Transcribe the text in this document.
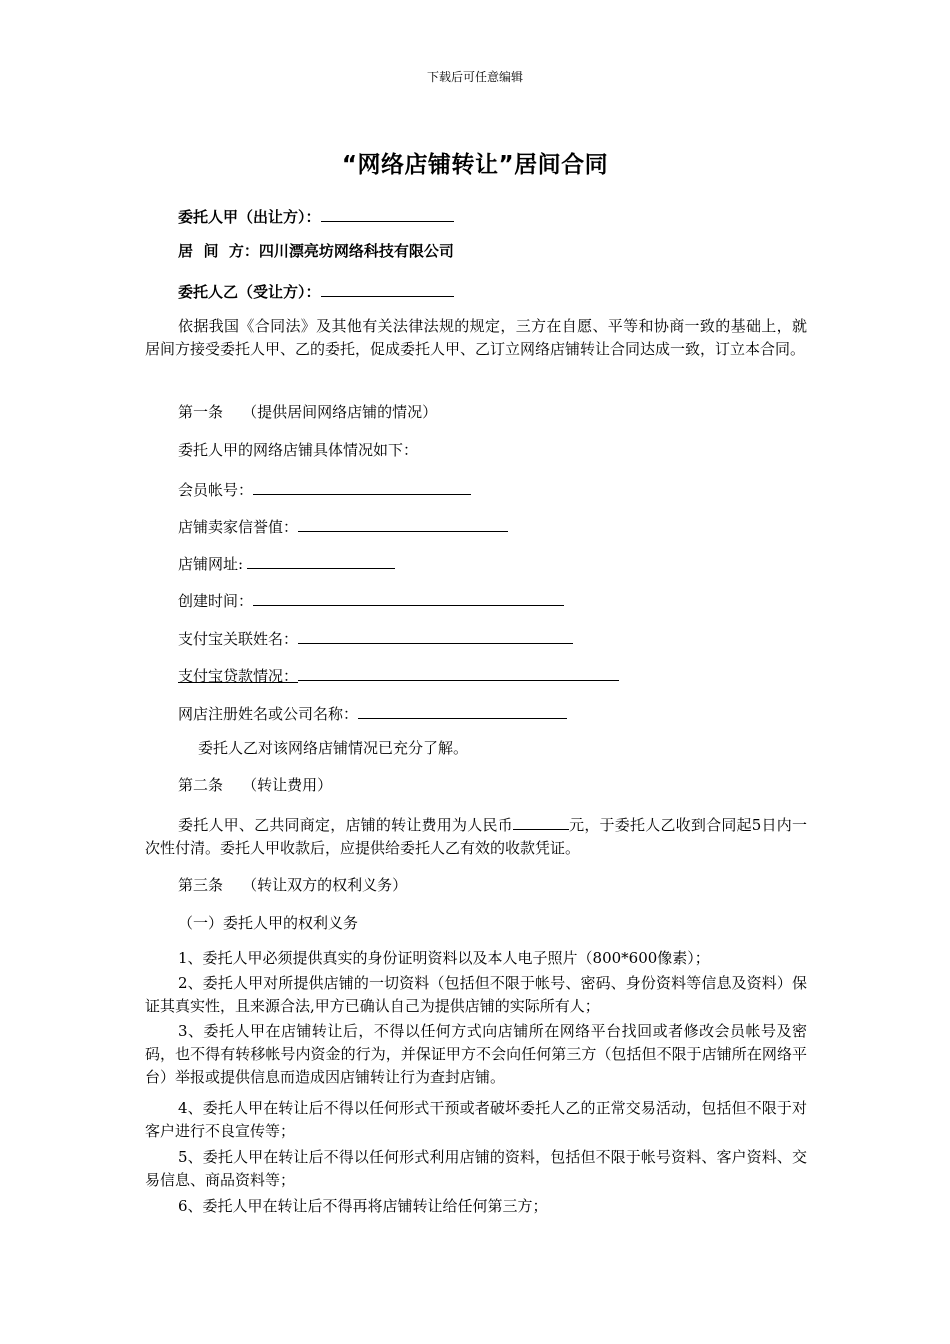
下载后可任意编辑
“网络店铺转让”居间合同
委托人甲（出让方）：
居  间  方：四川漂亮坊网络科技有限公司
委托人乙（受让方）：
依据我国《合同法》及其他有关法律法规的规定，三方在自愿、平等和协商一致的基础上，就居间方接受委托人甲、乙的委托，促成委托人甲、乙订立网络店铺转让合同达成一致，订立本合同。
第一条    （提供居间网络店铺的情况）
委托人甲的网络店铺具体情况如下：
会员帐号：
店铺卖家信誉值：
店铺网址:
创建时间：
支付宝关联姓名：
支付宝贷款情况：
网店注册姓名或公司名称：
委托人乙对该网络店铺情况已充分了解。
第二条    （转让费用）
委托人甲、乙共同商定，店铺的转让费用为人民币	元，于委托人乙收到合同起5日内一次性付清。委托人甲收款后，应提供给委托人乙有效的收款凭证。
第三条    （转让双方的权利义务）
（一）委托人甲的权利义务
1、委托人甲必须提供真实的身份证明资料以及本人电子照片（800*600像素）；
2、委托人甲对所提供店铺的一切资料（包括但不限于帐号、密码、身份资料等信息及资料）保证其真实性，且来源合法,甲方已确认自己为提供店铺的实际所有人；
3、委托人甲在店铺转让后，不得以任何方式向店铺所在网络平台找回或者修改会员帐号及密码，也不得有转移帐号内资金的行为，并保证甲方不会向任何第三方（包括但不限于店铺所在网络平台）举报或提供信息而造成因店铺转让行为查封店铺。
4、委托人甲在转让后不得以任何形式干预或者破坏委托人乙的正常交易活动，包括但不限于对客户进行不良宣传等；
5、委托人甲在转让后不得以任何形式利用店铺的资料，包括但不限于帐号资料、客户资料、交易信息、商品资料等；
6、委托人甲在转让后不得再将店铺转让给任何第三方；
